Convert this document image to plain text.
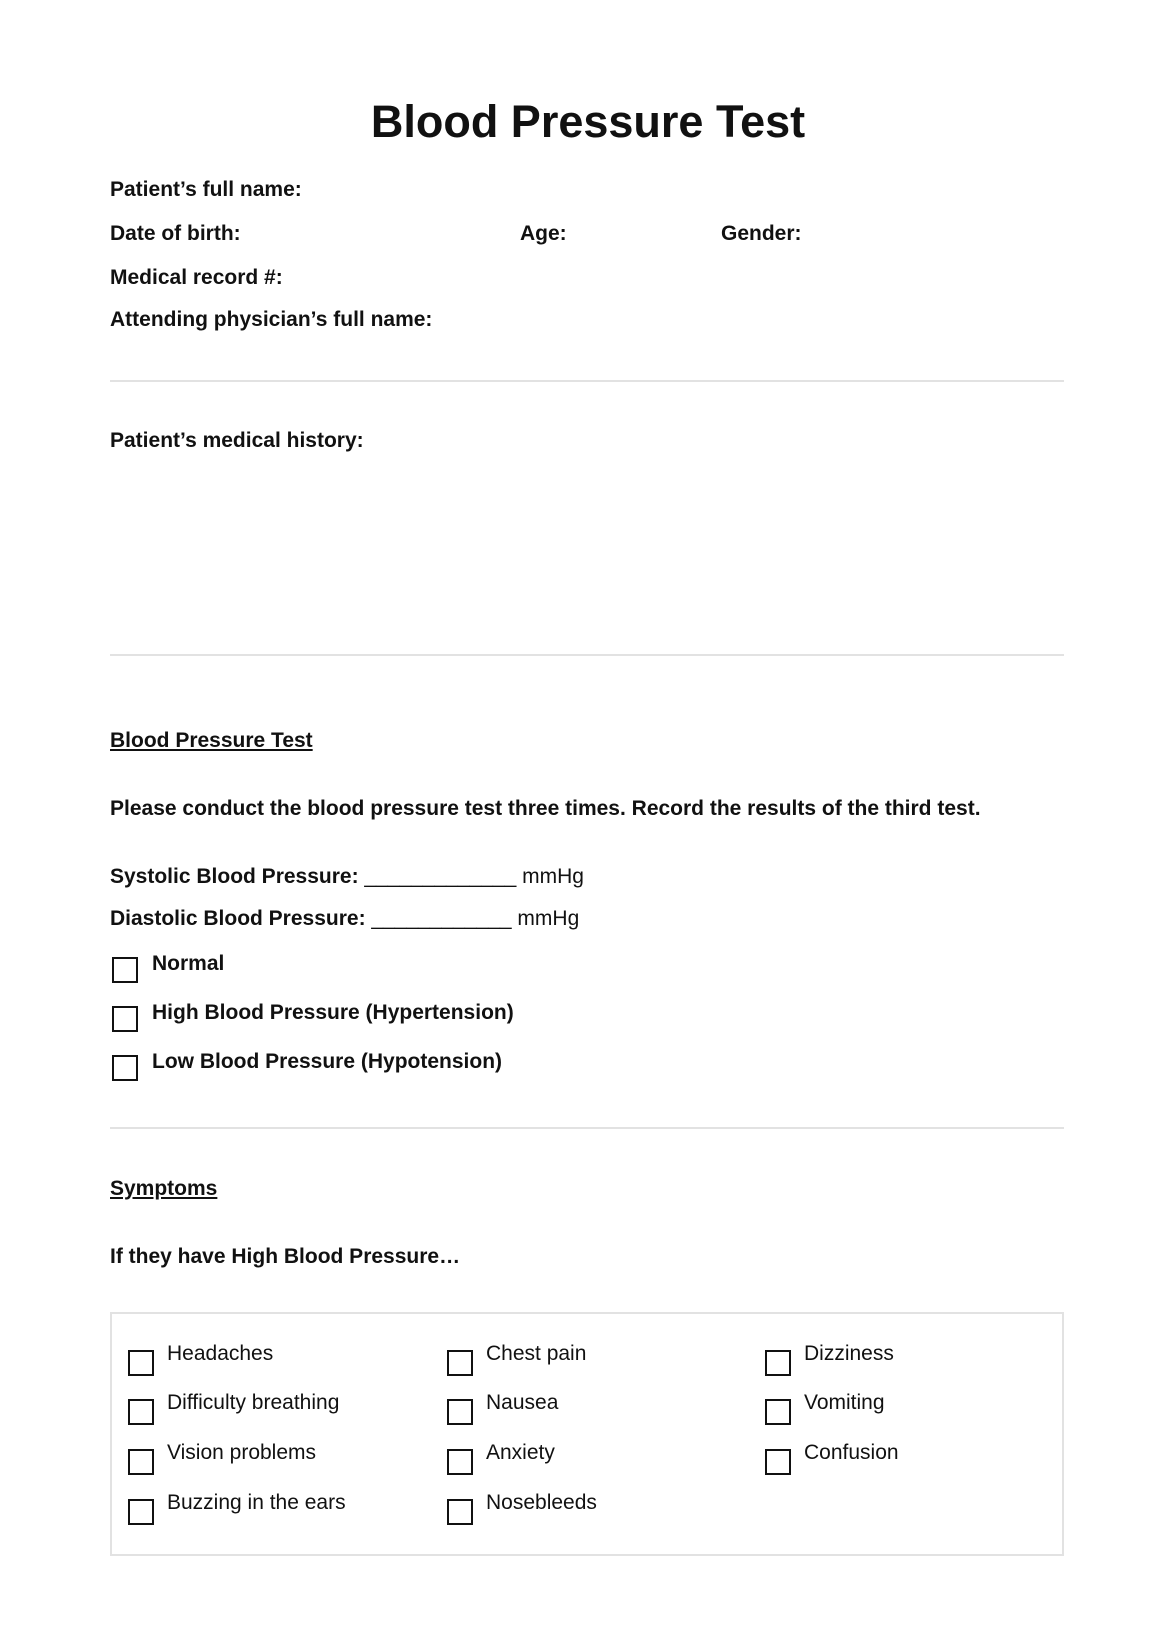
Blood Pressure Test
Patient’s full name:
Date of birth:	Age:	Gender:
Medical record #:
Attending physician’s full name:
Patient’s medical history:
Blood Pressure Test
Please conduct the blood pressure test three times. Record the results of the third test.
Systolic Blood Pressure: _____________ mmHg
Diastolic Blood Pressure: ____________ mmHg
Normal
High Blood Pressure (Hypertension)
Low Blood Pressure (Hypotension)
Symptoms
If they have High Blood Pressure…
Headaches
Difficulty breathing
Vision problems
Buzzing in the ears
Chest pain
Nausea
Anxiety
Nosebleeds
Dizziness
Vomiting
Confusion
